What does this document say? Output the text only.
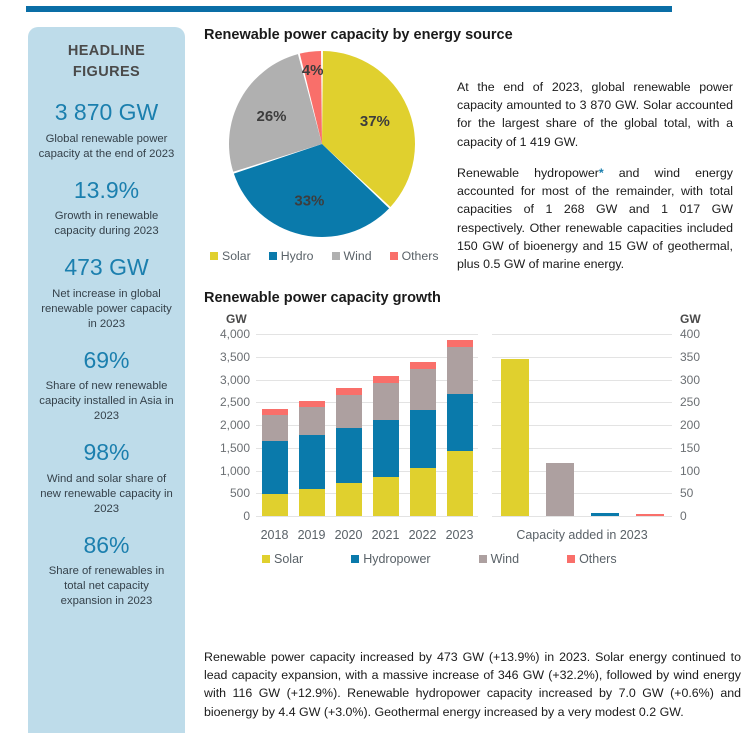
HEADLINE
FIGURES
3 870 GW
Global renewable power capacity at the end of 2023
13.9%
Growth in renewable capacity during 2023
473 GW
Net increase in global renewable power capacity in 2023
69%
Share of new renewable capacity installed in Asia in 2023
98%
Wind and solar share of new renewable capacity in 2023
86%
Share of renewables in total net capacity expansion in 2023
Renewable power capacity by energy source
37%
33%
26%
4%
Solar Hydro Wind Others

At the end of 2023, global renewable power capacity amounted to 3 870 GW. Solar accounted for the largest share of the global total, with a capacity of 1 419 GW.

Renewable hydropower* and wind energy accounted for most of the remainder, with total capacities of 1 268 GW and 1 017 GW respectively. Other renewable capacities included 150 GW of bioenergy and 15 GW of geothermal, plus 0.5 GW of marine energy.

Renewable power capacity growth
GW	GW
0	0
500	50
1,000	100
1,500	150
2,000	200
2,500	250
3,000	300
3,500	350
4,000	400
2018 2019 2020 2021 2022 2023	Capacity added in 2023
Solar	Hydropower	Wind	Others

Renewable power capacity increased by 473 GW (+13.9%) in 2023. Solar energy continued to lead capacity expansion, with a massive increase of 346 GW (+32.2%), followed by wind energy with 116 GW (+12.9%). Renewable hydropower capacity increased by 7.0 GW (+0.6%) and bioenergy by 4.4 GW (+3.0%). Geothermal energy increased by a very modest 0.2 GW.
